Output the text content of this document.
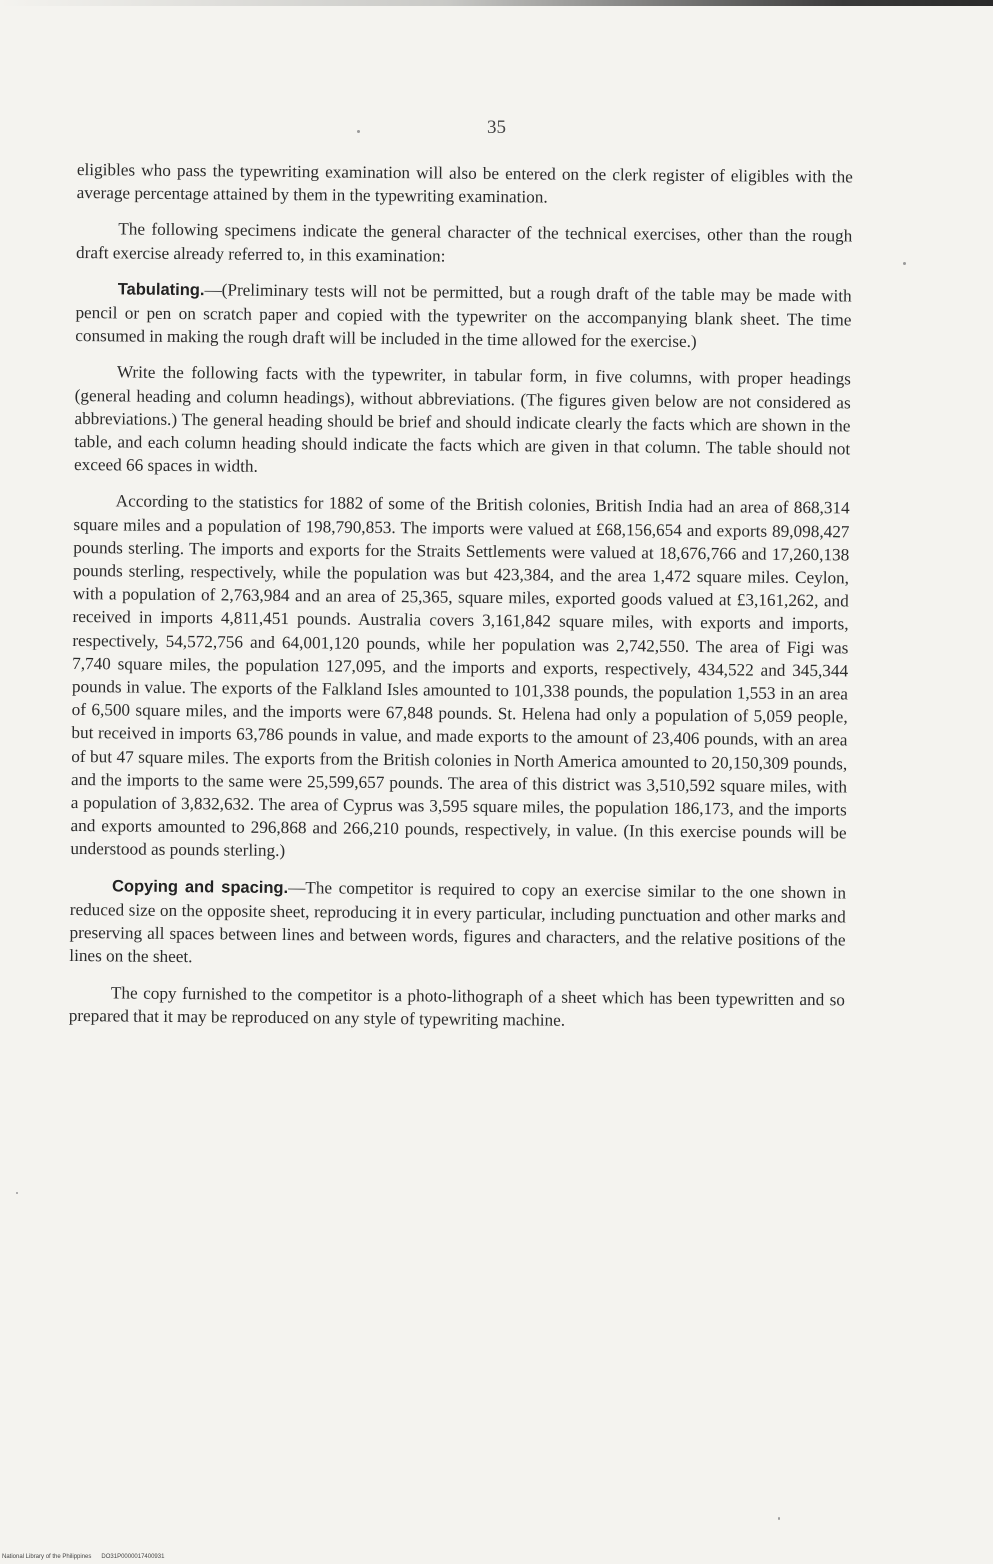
35

eligibles who pass the typewriting examination will also be entered on the clerk register of eligibles with the average percentage attained by them in the typewriting examination.

The following specimens indicate the general character of the technical exercises, other than the rough draft exercise already referred to, in this examination:

Tabulating.—(Preliminary tests will not be permitted, but a rough draft of the table may be made with pencil or pen on scratch paper and copied with the typewriter on the accompanying blank sheet. The time consumed in making the rough draft will be included in the time allowed for the exercise.)

Write the following facts with the typewriter, in tabular form, in five columns, with proper headings (general heading and column headings), without abbreviations. (The figures given below are not considered as abbreviations.) The general heading should be brief and should indicate clearly the facts which are shown in the table, and each column heading should indicate the facts which are given in that column. The table should not exceed 66 spaces in width.

According to the statistics for 1882 of some of the British colonies, British India had an area of 868,314 square miles and a population of 198,790,853. The imports were valued at £68,156,654 and exports 89,098,427 pounds sterling. The imports and exports for the Straits Settlements were valued at 18,676,766 and 17,260,138 pounds sterling, respectively, while the population was but 423,384, and the area 1,472 square miles. Ceylon, with a population of 2,763,984 and an area of 25,365, square miles, exported goods valued at £3,161,262, and received in imports 4,811,451 pounds. Australia covers 3,161,842 square miles, with exports and imports, respectively, 54,572,756 and 64,001,120 pounds, while her population was 2,742,550. The area of Figi was 7,740 square miles, the population 127,095, and the imports and exports, respectively, 434,522 and 345,344 pounds in value. The exports of the Falkland Isles amounted to 101,338 pounds, the population 1,553 in an area of 6,500 square miles, and the imports were 67,848 pounds. St. Helena had only a population of 5,059 people, but received in imports 63,786 pounds in value, and made exports to the amount of 23,406 pounds, with an area of but 47 square miles. The exports from the British colonies in North America amounted to 20,150,309 pounds, and the imports to the same were 25,599,657 pounds. The area of this district was 3,510,592 square miles, with a population of 3,832,632. The area of Cyprus was 3,595 square miles, the population 186,173, and the imports and exports amounted to 296,868 and 266,210 pounds, respectively, in value. (In this exercise pounds will be understood as pounds sterling.)

Copying and spacing.—The competitor is required to copy an exercise similar to the one shown in reduced size on the opposite sheet, reproducing it in every particular, including punctuation and other marks and preserving all spaces between lines and between words, figures and characters, and the relative positions of the lines on the sheet.

The copy furnished to the competitor is a photo-lithograph of a sheet which has been typewritten and so prepared that it may be reproduced on any style of typewriting machine.

National Library of the Philippines DO31P0000017400931
